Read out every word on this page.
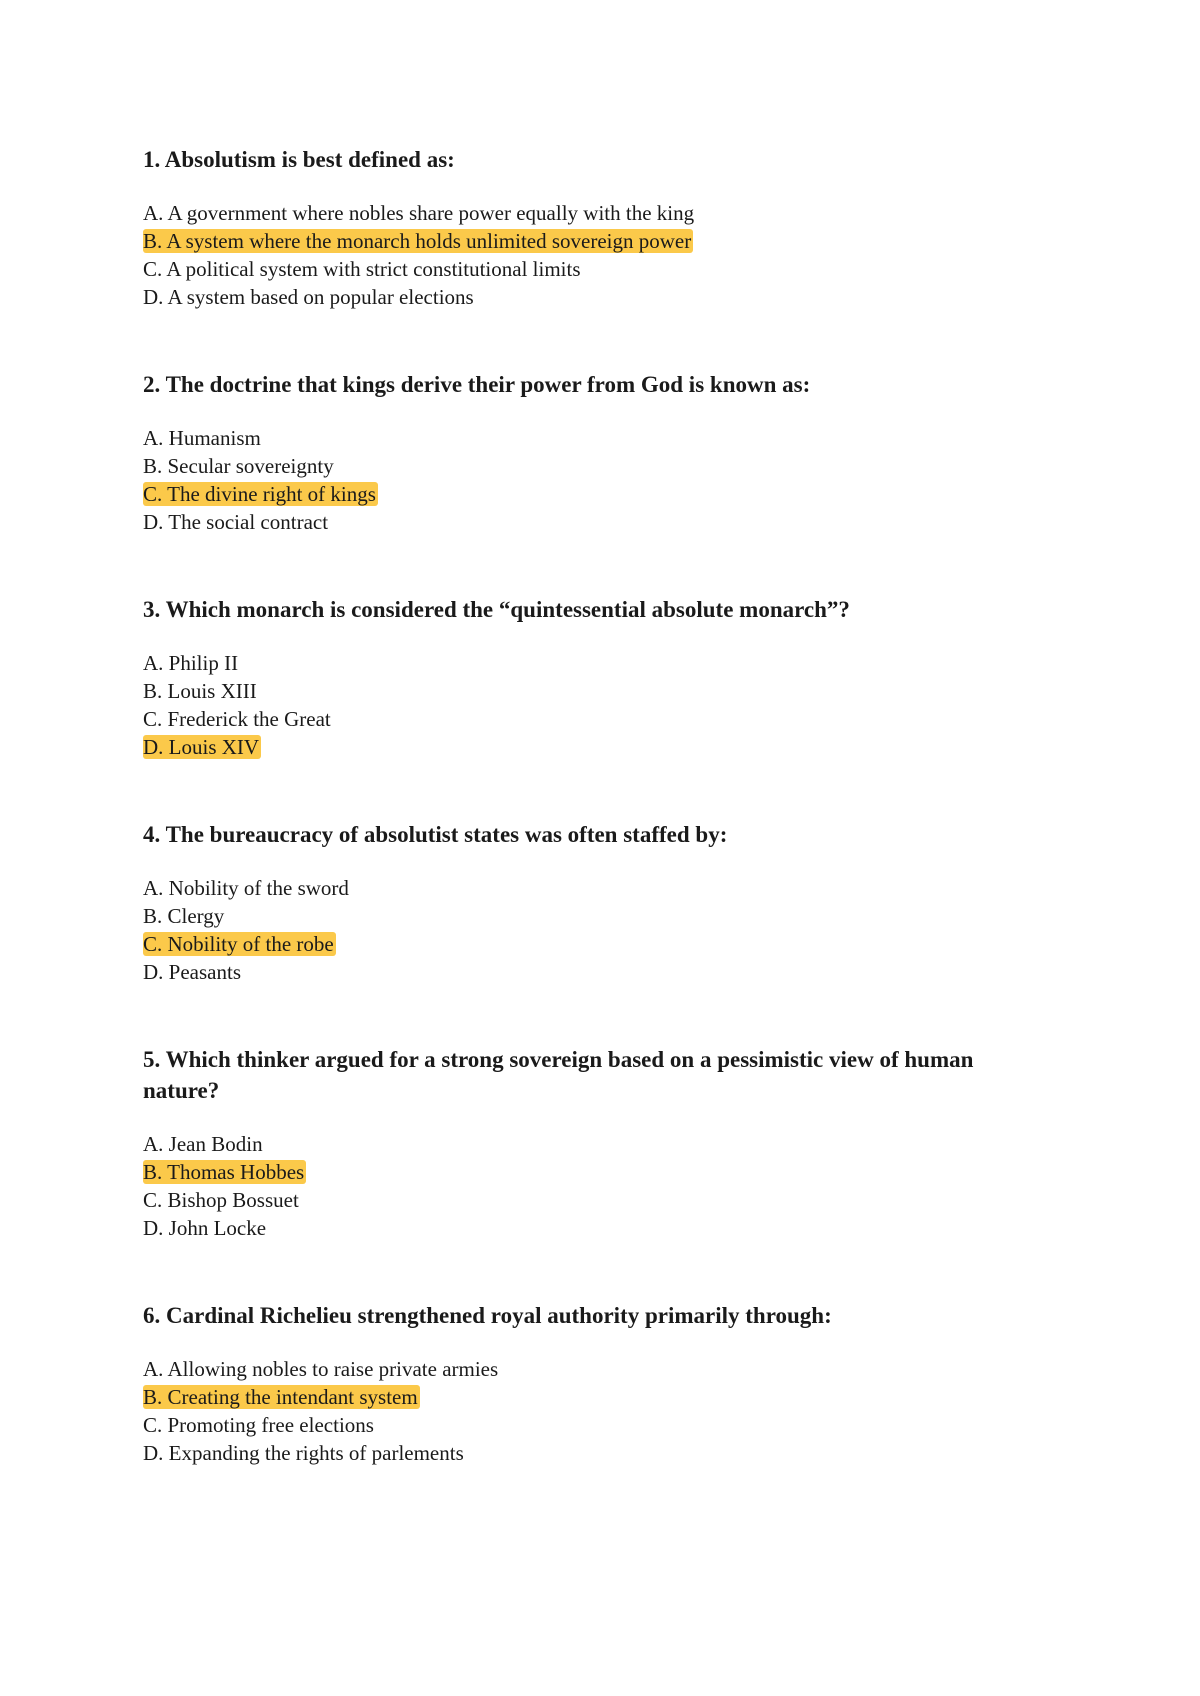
1. Absolutism is best defined as:
A. A government where nobles share power equally with the king
B. A system where the monarch holds unlimited sovereign power
C. A political system with strict constitutional limits
D. A system based on popular elections
2. The doctrine that kings derive their power from God is known as:
A. Humanism
B. Secular sovereignty
C. The divine right of kings
D. The social contract
3. Which monarch is considered the “quintessential absolute monarch”?
A. Philip II
B. Louis XIII
C. Frederick the Great
D. Louis XIV
4. The bureaucracy of absolutist states was often staffed by:
A. Nobility of the sword
B. Clergy
C. Nobility of the robe
D. Peasants
5. Which thinker argued for a strong sovereign based on a pessimistic view of human nature?
A. Jean Bodin
B. Thomas Hobbes
C. Bishop Bossuet
D. John Locke
6. Cardinal Richelieu strengthened royal authority primarily through:
A. Allowing nobles to raise private armies
B. Creating the intendant system
C. Promoting free elections
D. Expanding the rights of parlements
